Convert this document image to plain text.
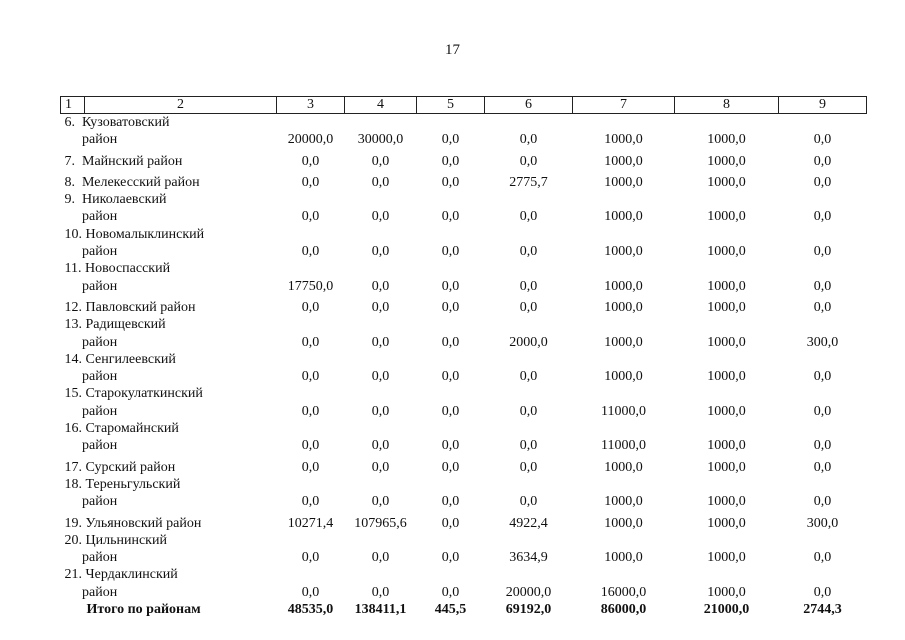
17
1	2	3	4	5	6	7	8	9

6.  Кузоватовский
район		20000,0	30000,0	0,0	0,0	1000,0	1000,0	0,0

7.  Майнский район		0,0	0,0	0,0	0,0	1000,0	1000,0	0,0

8.  Мелекесский район		0,0	0,0	0,0	2775,7	1000,0	1000,0	0,0

9.  Николаевский
район		0,0	0,0	0,0	0,0	1000,0	1000,0	0,0

10. Новомалыклинский
район		0,0	0,0	0,0	0,0	1000,0	1000,0	0,0

11. Новоспасский
район		17750,0	0,0	0,0	0,0	1000,0	1000,0	0,0

12. Павловский район		0,0	0,0	0,0	0,0	1000,0	1000,0	0,0

13. Радищевский
район		0,0	0,0	0,0	2000,0	1000,0	1000,0	300,0

14. Сенгилеевский
район		0,0	0,0	0,0	0,0	1000,0	1000,0	0,0

15. Старокулаткинский
район		0,0	0,0	0,0	0,0	11000,0	1000,0	0,0

16. Старомайнский
район		0,0	0,0	0,0	0,0	11000,0	1000,0	0,0

17. Сурский район		0,0	0,0	0,0	0,0	1000,0	1000,0	0,0

18. Тереньгульский
район		0,0	0,0	0,0	0,0	1000,0	1000,0	0,0

19. Ульяновский район		10271,4	107965,6	0,0	4922,4	1000,0	1000,0	300,0

20. Цильнинский
район		0,0	0,0	0,0	3634,9	1000,0	1000,0	0,0

21. Чердаклинский
район		0,0	0,0	0,0	20000,0	16000,0	1000,0	0,0
Итого по районам		48535,0	138411,1	445,5	69192,0	86000,0	21000,0	2744,3
